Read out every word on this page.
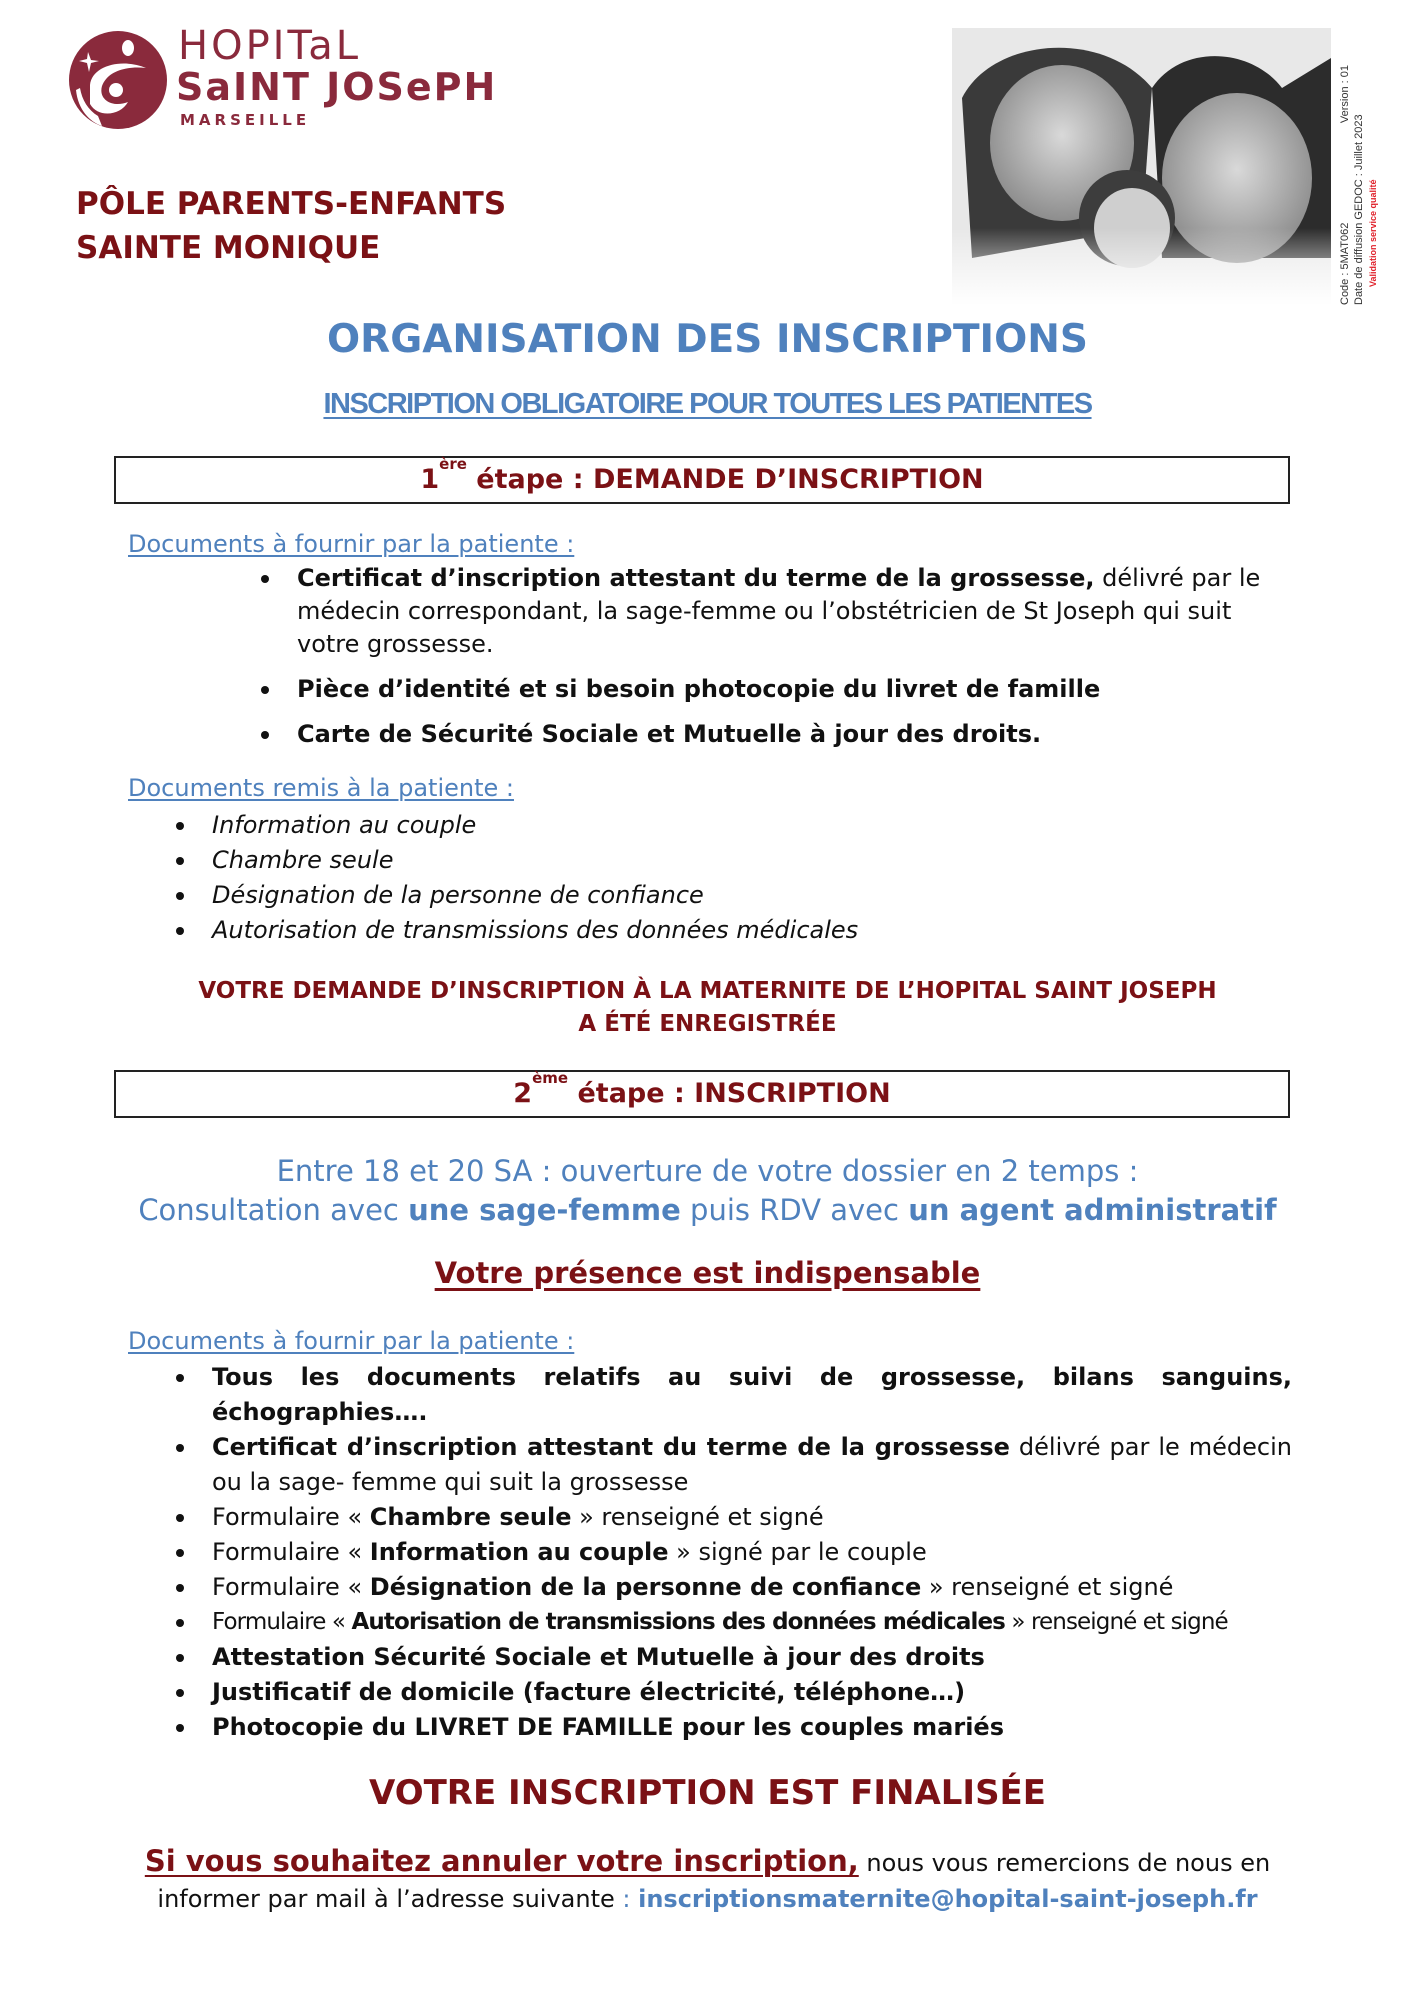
HOPITaL
SaINT JOSePH
MARSEILLE
PÔLE PARENTS-ENFANTS
SAINTE MONIQUE	Code : 5MAT062
Version : 01
Date de diffusion GEDOC : Juillet 2023 Validation service qualité
ORGANISATION DES INSCRIPTIONS
INSCRIPTION OBLIGATOIRE POUR TOUTES LES PATIENTES
1ère étape : DEMANDE D’INSCRIPTION
Documents à fournir par la patiente :
Certificat d’inscription attestant du terme de la grossesse, délivré par le médecin correspondant, la sage-femme ou l’obstétricien de St Joseph qui suit votre grossesse.
Pièce d’identité et si besoin photocopie du livret de famille
Carte de Sécurité Sociale et Mutuelle à jour des droits.
Documents remis à la patiente :
Information au couple
Chambre seule
Désignation de la personne de confiance
Autorisation de transmissions des données médicales
VOTRE DEMANDE D’INSCRIPTION À LA MATERNITE DE L’HOPITAL SAINT JOSEPH
A ÉTÉ ENREGISTRÉE
2ème étape : INSCRIPTION
Entre 18 et 20 SA : ouverture de votre dossier en 2 temps :
Consultation avec une sage-femme puis RDV avec un agent administratif
Votre présence est indispensable
Documents à fournir par la patiente :
Tous les documents relatifs au suivi de grossesse, bilans sanguins, échographies….
Certificat d’inscription attestant du terme de la grossesse délivré par le médecin ou la sage- femme qui suit la grossesse
Formulaire « Chambre seule » renseigné et signé
Formulaire « Information au couple » signé par le couple
Formulaire « Désignation de la personne de confiance » renseigné et signé
Formulaire « Autorisation de transmissions des données médicales » renseigné et signé
Attestation Sécurité Sociale et Mutuelle à jour des droits
Justificatif de domicile (facture électricité, téléphone…)
Photocopie du LIVRET DE FAMILLE pour les couples mariés
VOTRE INSCRIPTION EST FINALISÉE
Si vous souhaitez annuler votre inscription, nous vous remercions de nous en
informer par mail à l’adresse suivante : inscriptionsmaternite@hopital-saint-joseph.fr
